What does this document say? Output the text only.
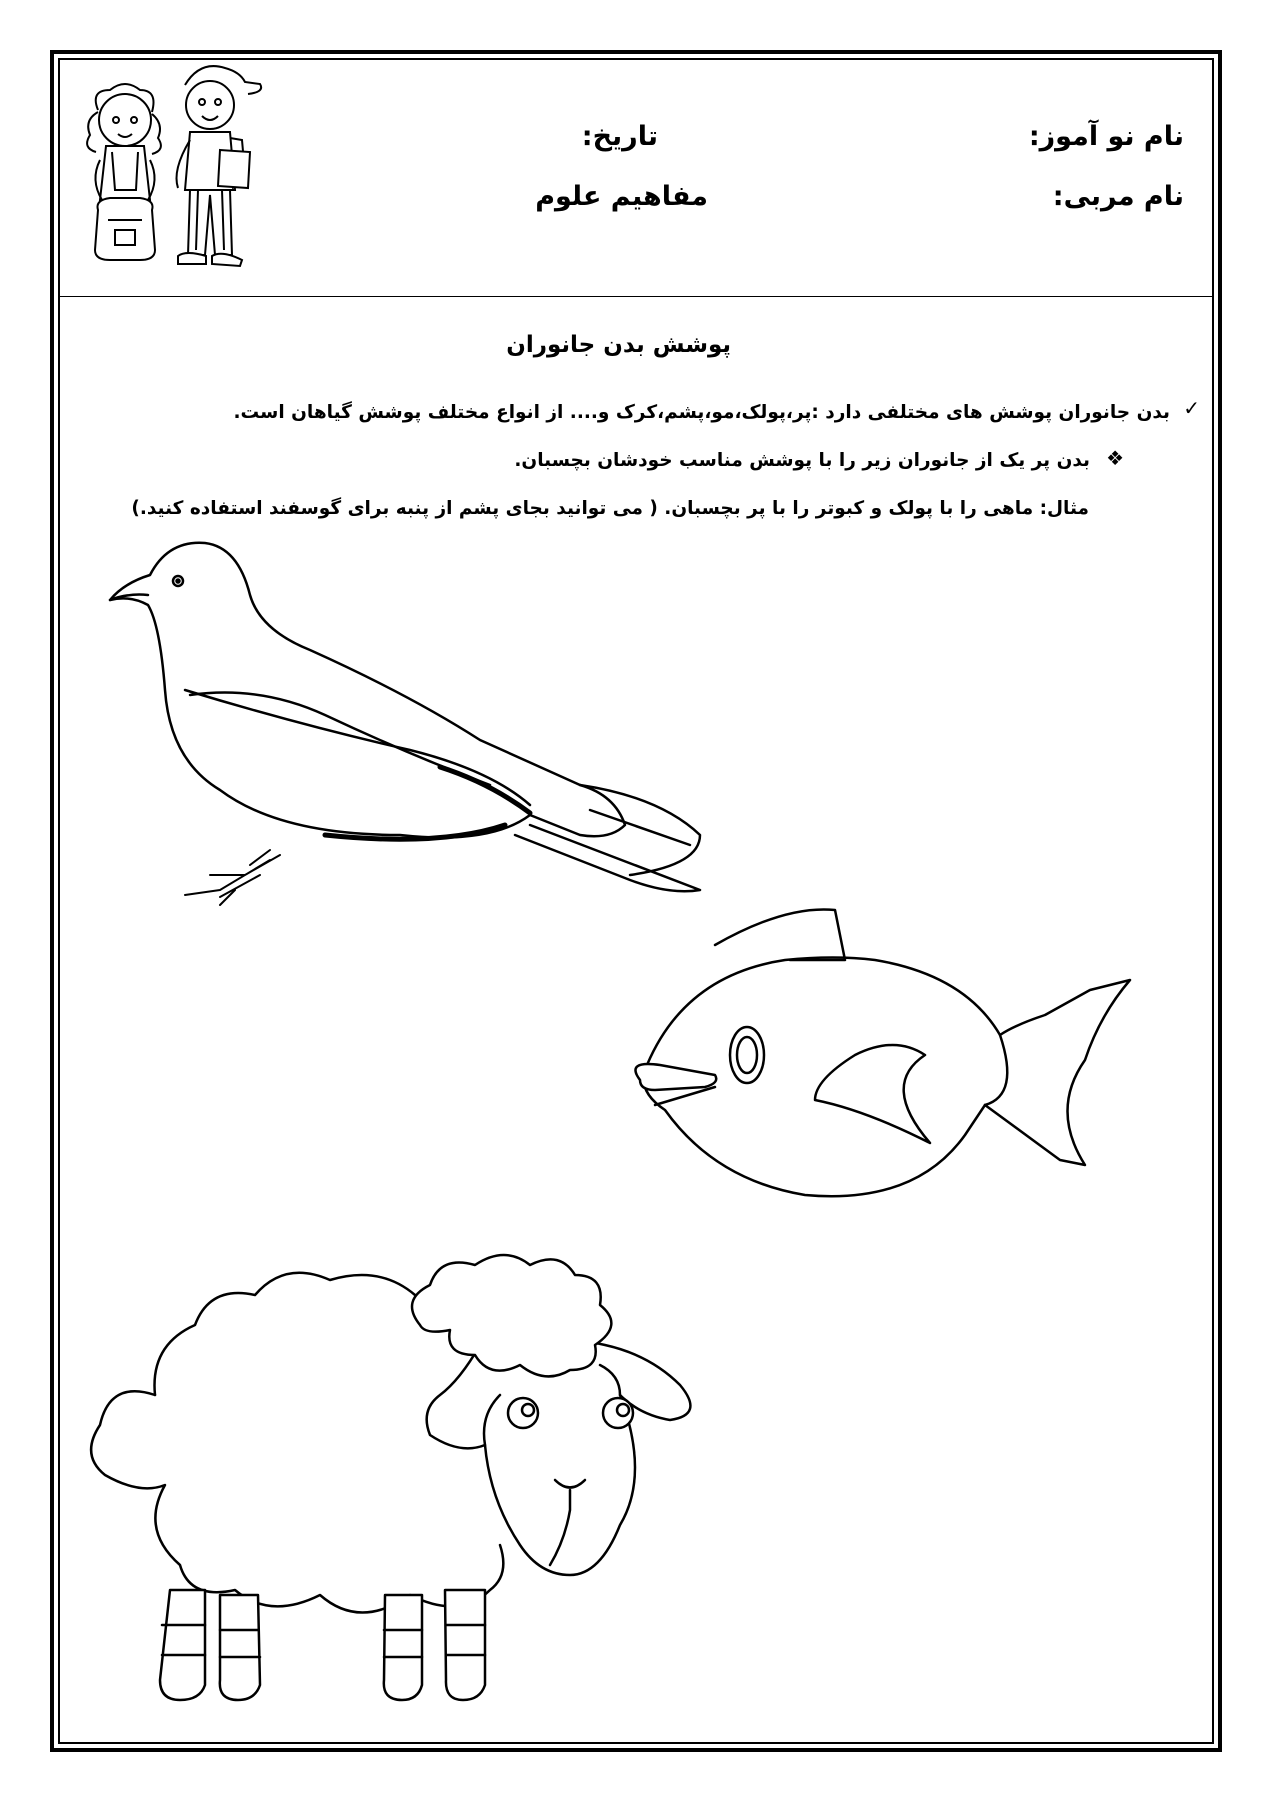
نام نو آموز:
تاریخ:
نام مربی:
مفاهیم علوم
پوشش بدن جانوران
✓
بدن جانوران پوشش های مختلفی دارد :پر،پولک،مو،پشم،کرک و.... از انواع مختلف پوشش گیاهان است.
❖
بدن پر یک از جانوران زیر را با پوشش مناسب خودشان بچسبان.
مثال: ماهی را با پولک و کبوتر را با پر بچسبان. ( می توانید بجای پشم از پنبه برای گوسفند استفاده کنید.)
